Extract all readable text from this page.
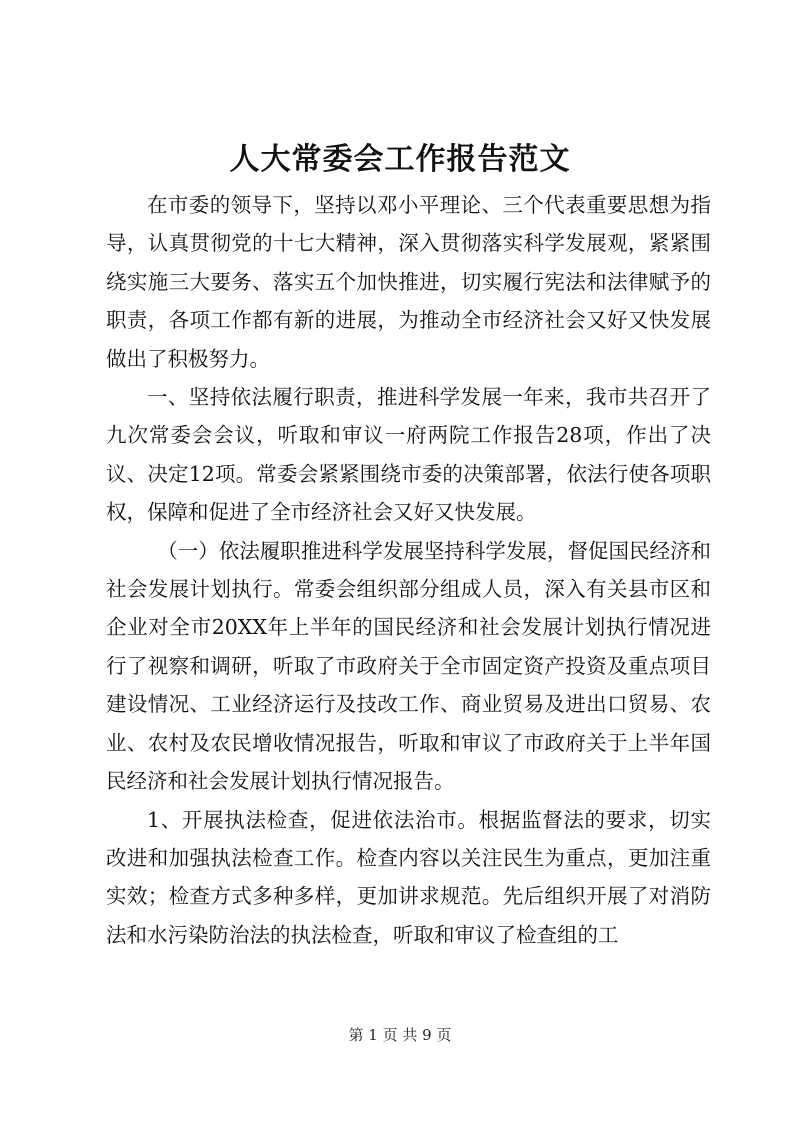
人大常委会工作报告范文

在市委的领导下，坚持以邓小平理论、三个代表重要思想为指导，认真贯彻党的十七大精神，深入贯彻落实科学发展观，紧紧围绕实施三大要务、落实五个加快推进，切实履行宪法和法律赋予的职责，各项工作都有新的进展，为推动全市经济社会又好又快发展做出了积极努力。

一、坚持依法履行职责，推进科学发展一年来，我市共召开了九次常委会会议，听取和审议一府两院工作报告28项，作出了决议、决定12项。常委会紧紧围绕市委的决策部署，依法行使各项职权，保障和促进了全市经济社会又好又快发展。

（一）依法履职推进科学发展坚持科学发展，督促国民经济和社会发展计划执行。常委会组织部分组成人员，深入有关县市区和企业对全市20XX年上半年的国民经济和社会发展计划执行情况进行了视察和调研，听取了市政府关于全市固定资产投资及重点项目建设情况、工业经济运行及技改工作、商业贸易及进出口贸易、农业、农村及农民增收情况报告，听取和审议了市政府关于上半年国民经济和社会发展计划执行情况报告。

1、开展执法检查，促进依法治市。根据监督法的要求，切实改进和加强执法检查工作。检查内容以关注民生为重点，更加注重实效；检查方式多种多样，更加讲求规范。先后组织开展了对消防法和水污染防治法的执法检查，听取和审议了检查组的工

第 1 页 共 9 页
